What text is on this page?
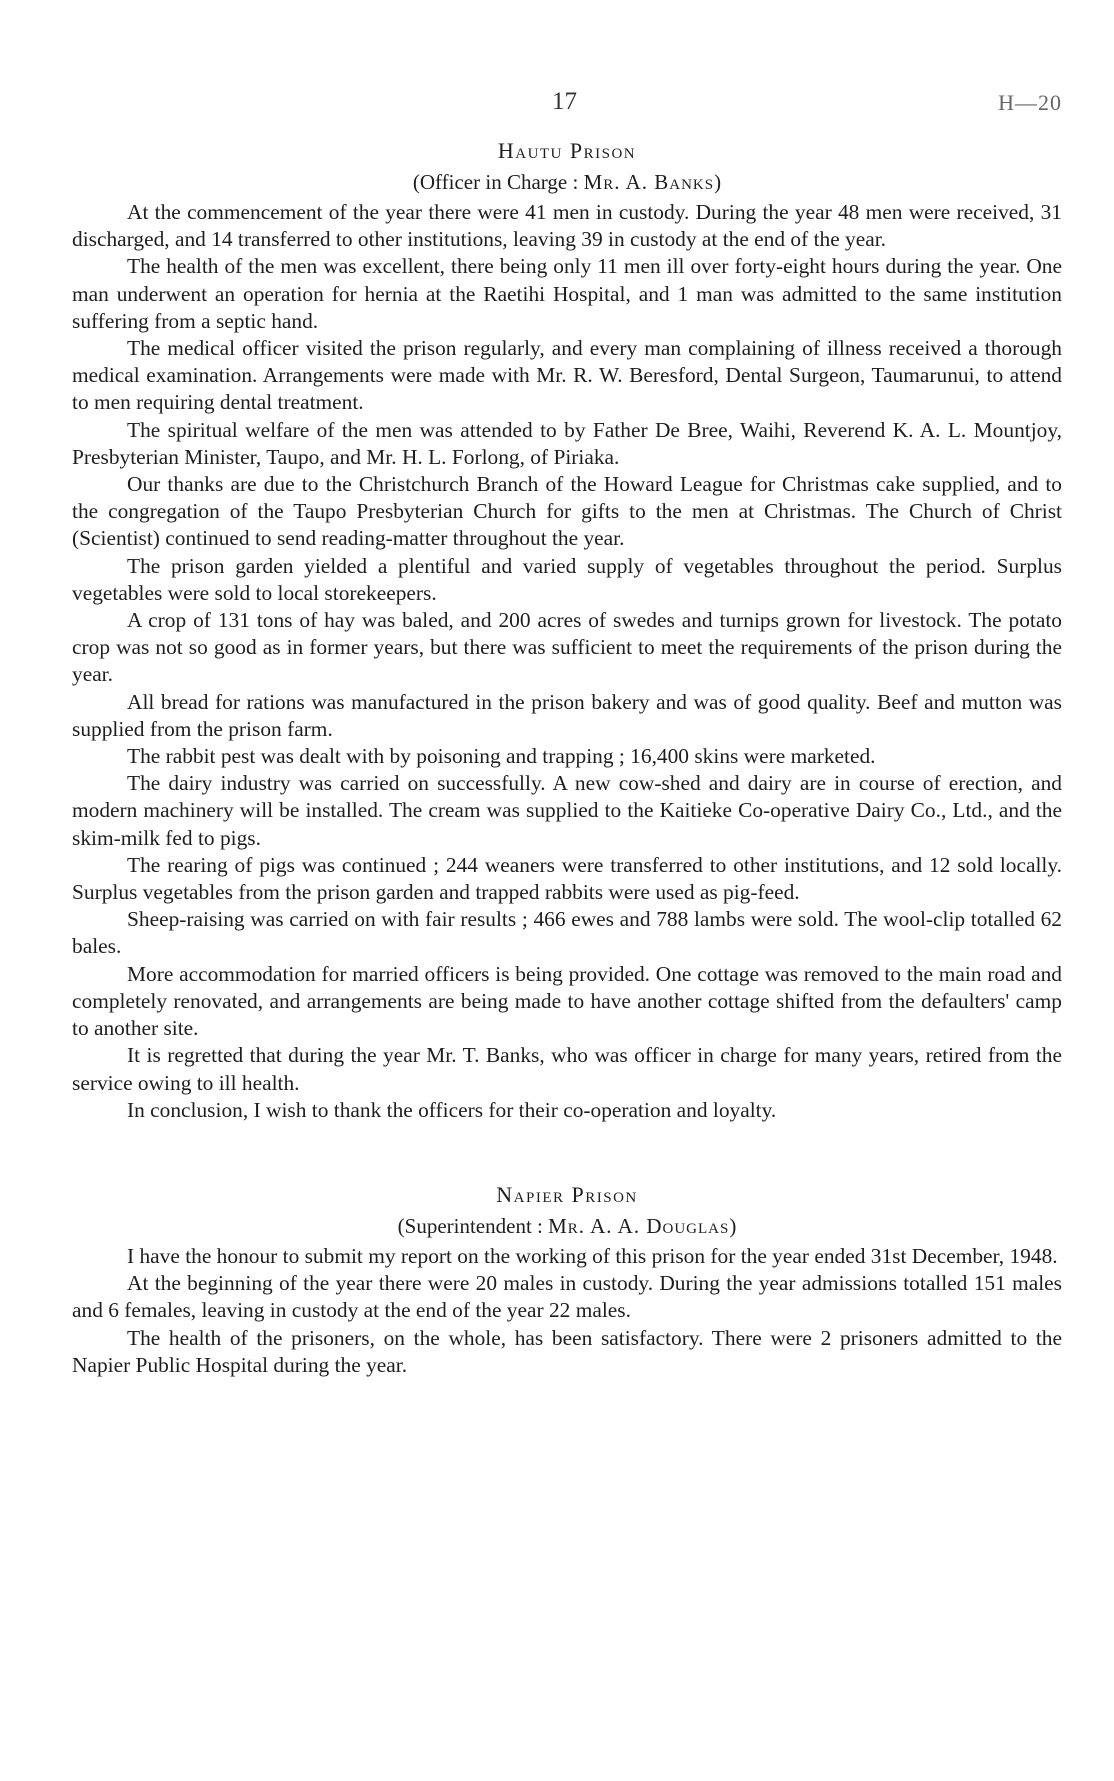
17	H—20
Hautu Prison
(Officer in Charge : Mr. A. Banks)

At the commencement of the year there were 41 men in custody. During the year 48 men were received, 31 discharged, and 14 transferred to other institutions, leaving 39 in custody at the end of the year.

The health of the men was excellent, there being only 11 men ill over forty-eight hours during the year. One man underwent an operation for hernia at the Raetihi Hospital, and 1 man was admitted to the same institution suffering from a septic hand.

The medical officer visited the prison regularly, and every man complaining of illness received a thorough medical examination. Arrangements were made with Mr. R. W. Beresford, Dental Surgeon, Taumarunui, to attend to men requiring dental treatment.

The spiritual welfare of the men was attended to by Father De Bree, Waihi, Reverend K. A. L. Mountjoy, Presbyterian Minister, Taupo, and Mr. H. L. Forlong, of Piriaka.

Our thanks are due to the Christchurch Branch of the Howard League for Christmas cake supplied, and to the congregation of the Taupo Presbyterian Church for gifts to the men at Christmas. The Church of Christ (Scientist) continued to send reading-matter throughout the year.

The prison garden yielded a plentiful and varied supply of vegetables throughout the period. Surplus vegetables were sold to local storekeepers.

A crop of 131 tons of hay was baled, and 200 acres of swedes and turnips grown for livestock. The potato crop was not so good as in former years, but there was sufficient to meet the requirements of the prison during the year.

All bread for rations was manufactured in the prison bakery and was of good quality. Beef and mutton was supplied from the prison farm.

The rabbit pest was dealt with by poisoning and trapping ; 16,400 skins were marketed.

The dairy industry was carried on successfully. A new cow-shed and dairy are in course of erection, and modern machinery will be installed. The cream was supplied to the Kaitieke Co-operative Dairy Co., Ltd., and the skim-milk fed to pigs.

The rearing of pigs was continued ; 244 weaners were transferred to other institutions, and 12 sold locally. Surplus vegetables from the prison garden and trapped rabbits were used as pig-feed.

Sheep-raising was carried on with fair results ; 466 ewes and 788 lambs were sold. The wool-clip totalled 62 bales.

More accommodation for married officers is being provided. One cottage was removed to the main road and completely renovated, and arrangements are being made to have another cottage shifted from the defaulters' camp to another site.

It is regretted that during the year Mr. T. Banks, who was officer in charge for many years, retired from the service owing to ill health.

In conclusion, I wish to thank the officers for their co-operation and loyalty.

Napier Prison
(Superintendent : Mr. A. A. Douglas)

I have the honour to submit my report on the working of this prison for the year ended 31st December, 1948.

At the beginning of the year there were 20 males in custody. During the year admissions totalled 151 males and 6 females, leaving in custody at the end of the year 22 males.

The health of the prisoners, on the whole, has been satisfactory. There were 2 prisoners admitted to the Napier Public Hospital during the year.
